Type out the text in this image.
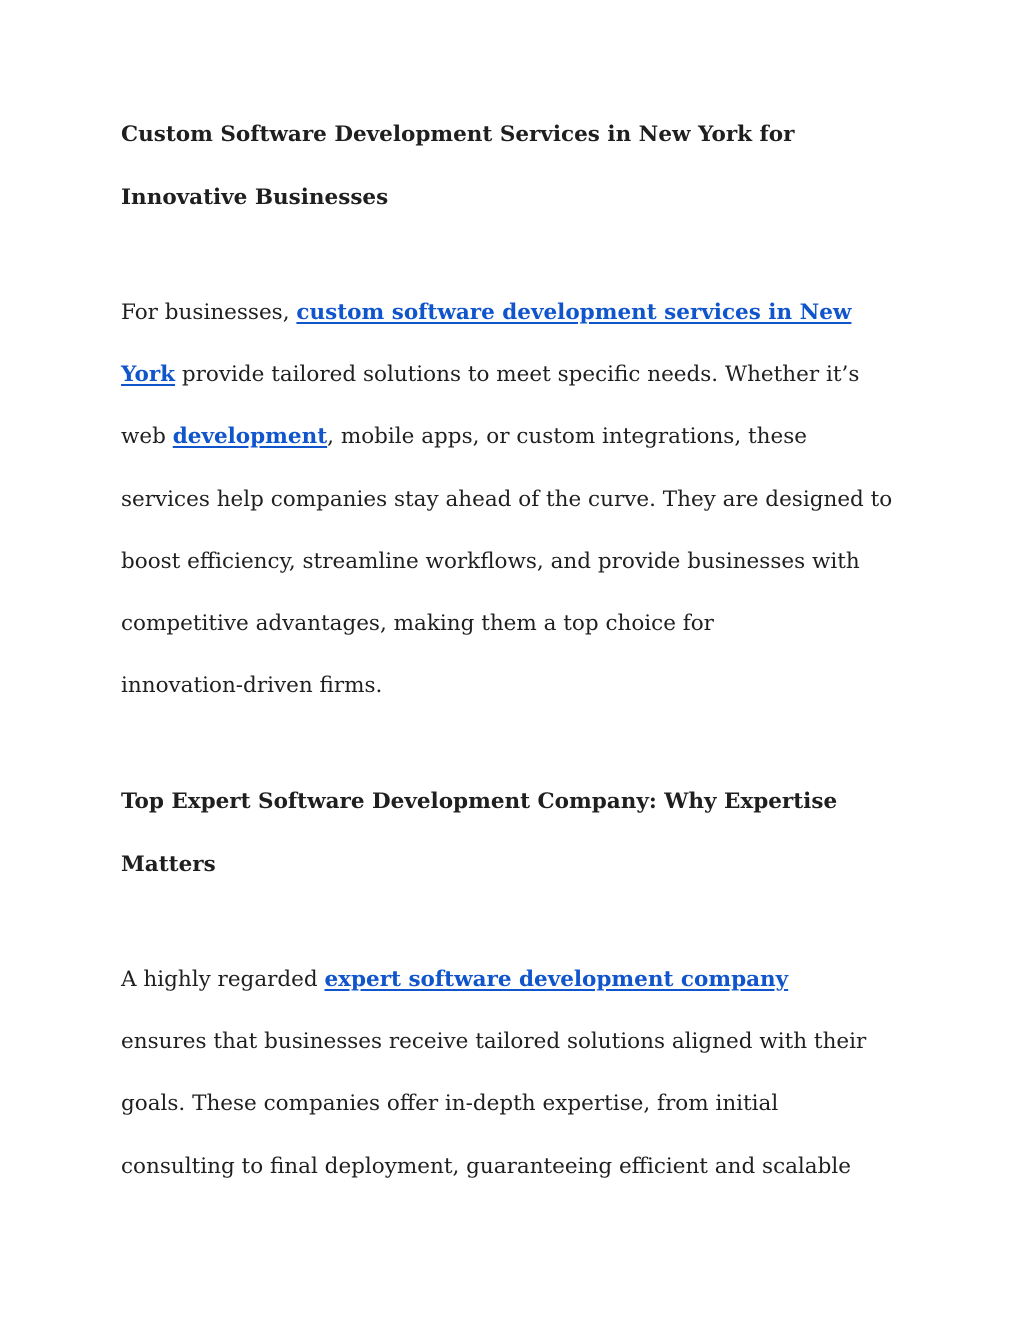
Custom Software Development Services in New York for
Innovative Businesses

For businesses, custom software development services in New
York provide tailored solutions to meet specific needs. Whether it’s
web development, mobile apps, or custom integrations, these
services help companies stay ahead of the curve. They are designed to
boost efficiency, streamline workflows, and provide businesses with
competitive advantages, making them a top choice for
innovation-driven firms.

Top Expert Software Development Company: Why Expertise
Matters

A highly regarded expert software development company
ensures that businesses receive tailored solutions aligned with their
goals. These companies offer in-depth expertise, from initial
consulting to final deployment, guaranteeing efficient and scalable
